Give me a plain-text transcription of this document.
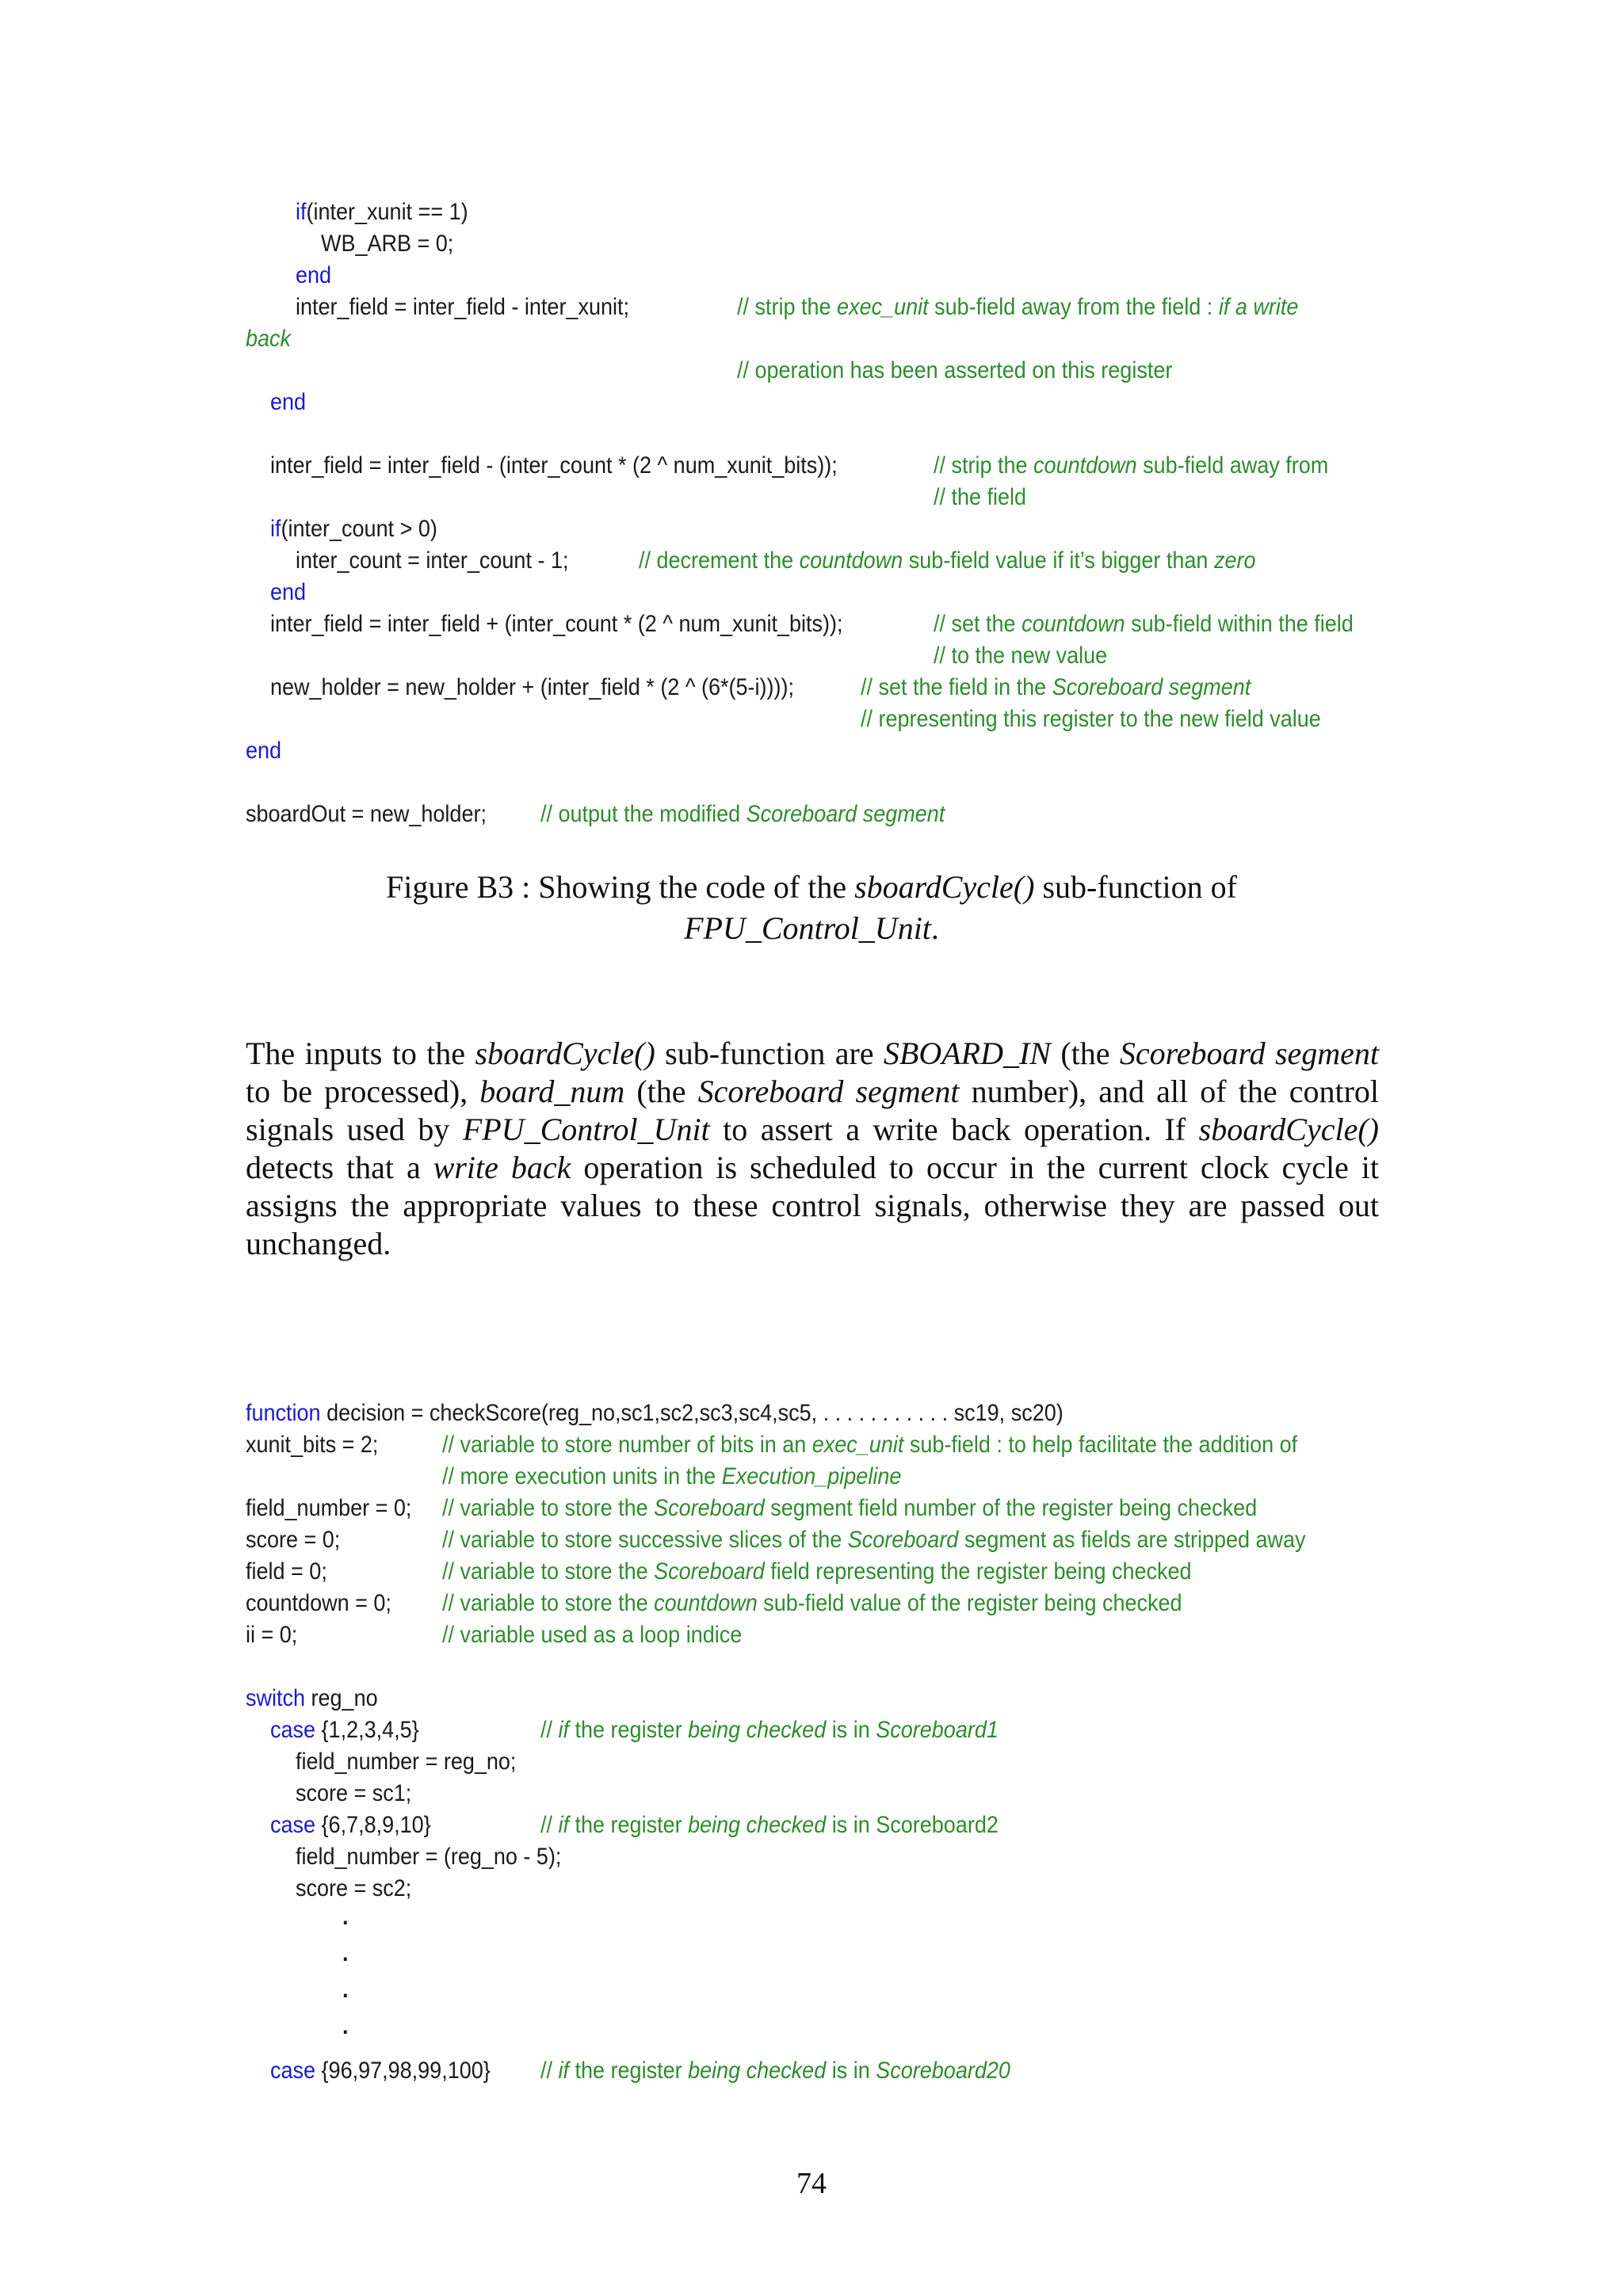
if(inter_xunit == 1)
WB_ARB = 0;
end
inter_field = inter_field - inter_xunit;	// strip the exec_unit sub-field away from the field : if a write
back
// operation has been asserted on this register
end
inter_field = inter_field - (inter_count * (2 ^ num_xunit_bits));	// strip the countdown sub-field away from
// the field
if(inter_count > 0)
inter_count = inter_count - 1;	// decrement the countdown sub-field value if it’s bigger than zero
end
inter_field = inter_field + (inter_count * (2 ^ num_xunit_bits));	// set the countdown sub-field within the field
// to the new value
new_holder = new_holder + (inter_field * (2 ^ (6*(5-i))));	// set the field in the Scoreboard segment
// representing this register to the new field value
end
sboardOut = new_holder; // output the modified Scoreboard segment
Figure B3 : Showing the code of the sboardCycle() sub-function of
FPU_Control_Unit.
The inputs to the sboardCycle() sub-function are SBOARD_IN (the Scoreboard segment to be processed), board_num (the Scoreboard segment number), and all of the control signals used by FPU_Control_Unit to assert a write back operation. If sboardCycle() detects that a write back operation is scheduled to occur in the current clock cycle it assigns the appropriate values to these control signals, otherwise they are passed out unchanged.
function decision = checkScore(reg_no,sc1,sc2,sc3,sc4,sc5, . . . . . . . . . . . sc19, sc20)
xunit_bits = 2;	// variable to store number of bits in an exec_unit sub-field : to help facilitate the addition of
// more execution units in the Execution_pipeline
field_number = 0; // variable to store the Scoreboard segment field number of the register being checked
score = 0;	// variable to store successive slices of the Scoreboard segment as fields are stripped away
field = 0;	// variable to store the Scoreboard field representing the register being checked
countdown = 0; // variable to store the countdown sub-field value of the register being checked
ii = 0;	// variable used as a loop indice
switch reg_no
case {1,2,3,4,5}	// if the register being checked is in Scoreboard1
field_number = reg_no;
score = sc1;
case {6,7,8,9,10}	// if the register being checked is in Scoreboard2
field_number = (reg_no - 5);
score = sc2;
.
.
.
.
case {96,97,98,99,100} // if the register being checked is in Scoreboard20
74
